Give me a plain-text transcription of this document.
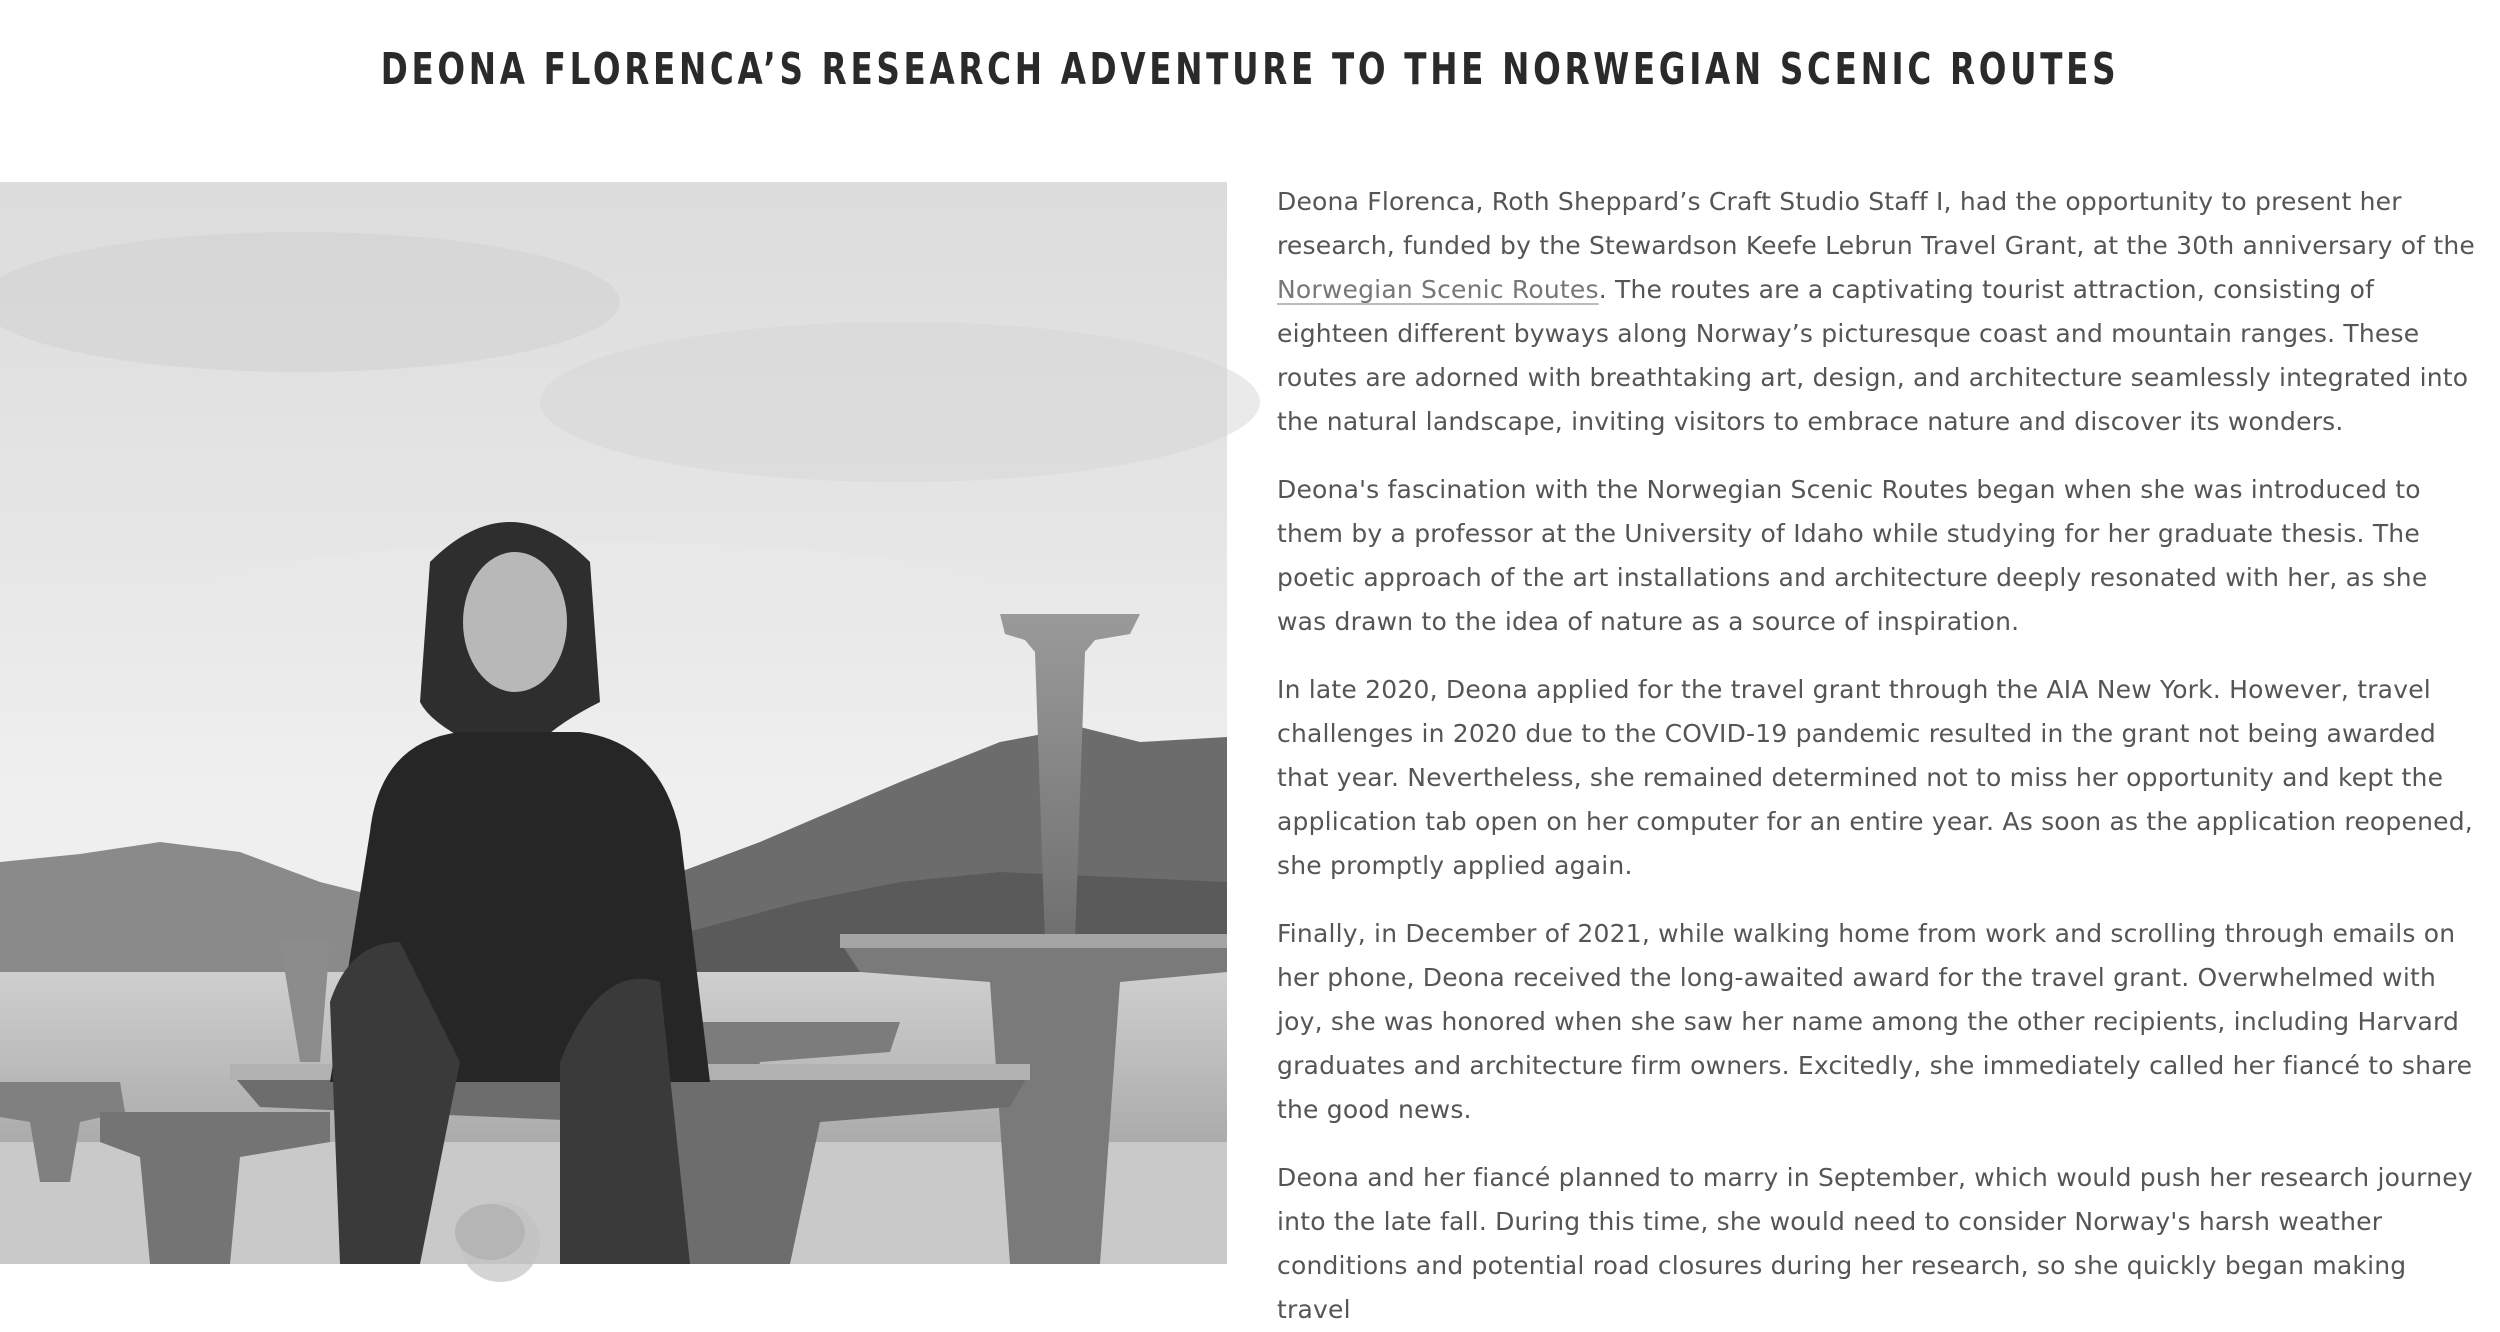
DEONA FLORENCA’S RESEARCH ADVENTURE TO THE NORWEGIAN SCENIC ROUTES

Deona Florenca, Roth Sheppard’s Craft Studio Staff I, had the opportunity to present her research, funded by the Stewardson Keefe Lebrun Travel Grant, at the 30th anniversary of the Norwegian Scenic Routes. The routes are a captivating tourist attraction, consisting of eighteen different byways along Norway’s picturesque coast and mountain ranges. These routes are adorned with breathtaking art, design, and architecture seamlessly integrated into the natural landscape, inviting visitors to embrace nature and discover its wonders.

Deona's fascination with the Norwegian Scenic Routes began when she was introduced to them by a professor at the University of Idaho while studying for her graduate thesis. The poetic approach of the art installations and architecture deeply resonated with her, as she was drawn to the idea of nature as a source of inspiration.

In late 2020, Deona applied for the travel grant through the AIA New York. However, travel challenges in 2020 due to the COVID-19 pandemic resulted in the grant not being awarded that year. Nevertheless, she remained determined not to miss her opportunity and kept the application tab open on her computer for an entire year. As soon as the application reopened, she promptly applied again.

Finally, in December of 2021, while walking home from work and scrolling through emails on her phone, Deona received the long-awaited award for the travel grant. Overwhelmed with joy, she was honored when she saw her name among the other recipients, including Harvard graduates and architecture firm owners. Excitedly, she immediately called her fiancé to share the good news.

Deona and her fiancé planned to marry in September, which would push her research journey into the late fall. During this time, she would need to consider Norway's harsh weather conditions and potential road closures during her research, so she quickly began making travel
